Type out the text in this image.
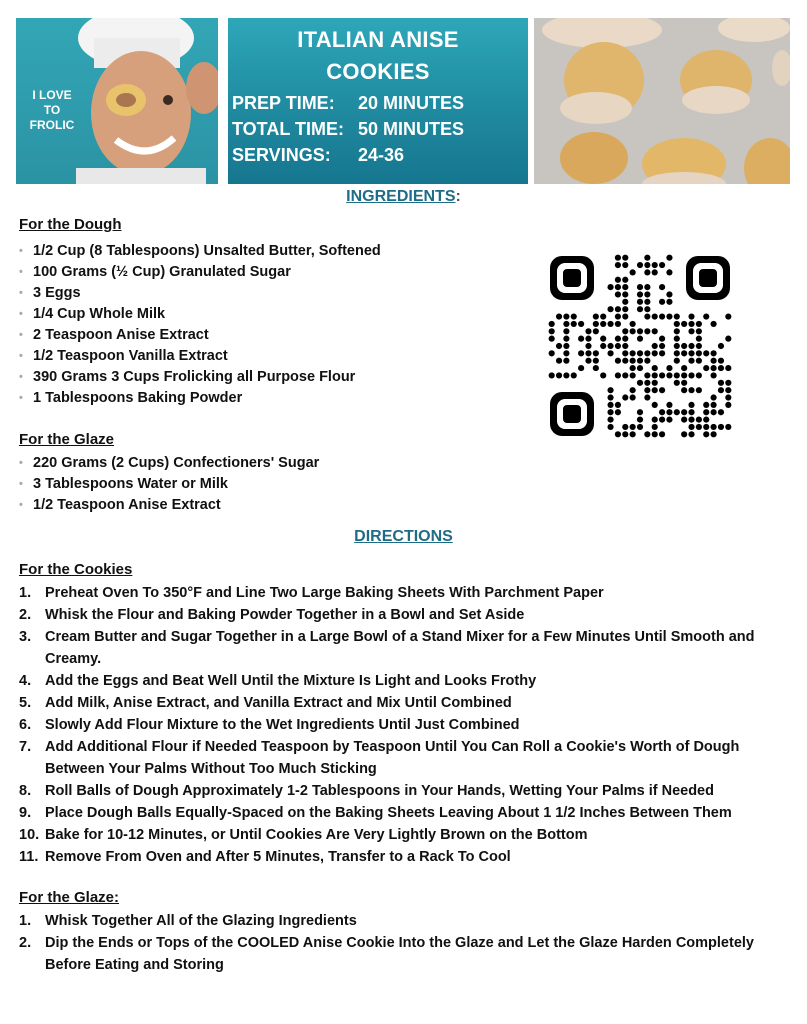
I LOVE TO FROLIC
ITALIAN ANISE
COOKIES
PREP TIME:	20 MINUTES
TOTAL TIME: 50 MINUTES
SERVINGS:	24-36
INGREDIENTS:
For the Dough
• 1/2 Cup (8 Tablespoons) Unsalted Butter, Softened
• 100 Grams (½ Cup) Granulated Sugar
• 3 Eggs
• 1/4 Cup Whole Milk
• 2 Teaspoon Anise Extract
• 1/2 Teaspoon Vanilla Extract
• 390 Grams 3 Cups Frolicking all Purpose Flour
• 1 Tablespoons Baking Powder
For the Glaze
• 220 Grams (2 Cups) Confectioners' Sugar
• 3 Tablespoons Water or Milk
• 1/2 Teaspoon Anise Extract
DIRECTIONS
For the Cookies
1. Preheat Oven To 350°F and Line Two Large Baking Sheets With Parchment Paper
2. Whisk the Flour and Baking Powder Together in a Bowl and Set Aside
3. Cream Butter and Sugar Together in a Large Bowl of a Stand Mixer for a Few Minutes Until Smooth and Creamy.
4. Add the Eggs and Beat Well Until the Mixture Is Light and Looks Frothy
5. Add Milk, Anise Extract, and Vanilla Extract and Mix Until Combined
6. Slowly Add Flour Mixture to the Wet Ingredients Until Just Combined
7. Add Additional Flour if Needed Teaspoon by Teaspoon Until You Can Roll a Cookie's Worth of Dough Between Your Palms Without Too Much Sticking
8. Roll Balls of Dough Approximately 1-2 Tablespoons in Your Hands, Wetting Your Palms if Needed
9. Place Dough Balls Equally-Spaced on the Baking Sheets Leaving About 1 1/2 Inches Between Them
10. Bake for 10-12 Minutes, or Until Cookies Are Very Lightly Brown on the Bottom
11. Remove From Oven and After 5 Minutes, Transfer to a Rack To Cool
For the Glaze:
1. Whisk Together All of the Glazing Ingredients
2. Dip the Ends or Tops of the COOLED Anise Cookie Into the Glaze and Let the Glaze Harden Completely Before Eating and Storing
